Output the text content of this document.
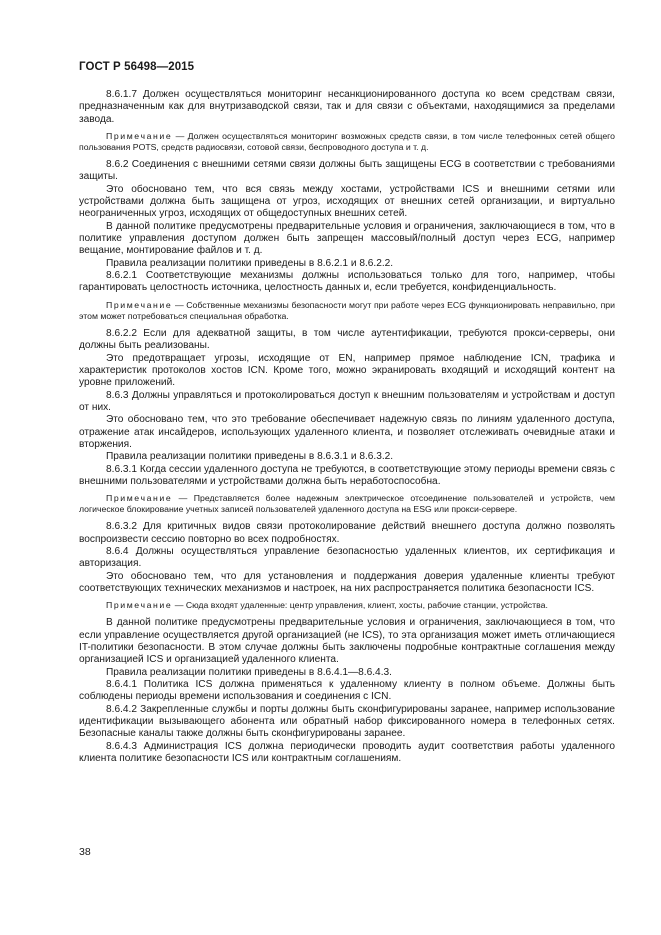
ГОСТ Р 56498—2015

8.6.1.7 Должен осуществляться мониторинг несанкционированного доступа ко всем средствам связи, предназначенным как для внутризаводской связи, так и для связи с объектами, находящимися за пределами завода.

Примечание — Должен осуществляться мониторинг возможных средств связи, в том числе телефонных сетей общего пользования POTS, средств радиосвязи, сотовой связи, беспроводного доступа и т. д.

8.6.2 Соединения с внешними сетями связи должны быть защищены ECG в соответствии с требованиями защиты.

Это обосновано тем, что вся связь между хостами, устройствами ICS и внешними сетями или устройствами должна быть защищена от угроз, исходящих от внешних сетей организации, и виртуально неограниченных угроз, исходящих от общедоступных внешних сетей.

В данной политике предусмотрены предварительные условия и ограничения, заключающиеся в том, что в политике управления доступом должен быть запрещен массовый/полный доступ через ECG, например вещание, монтирование файлов и т. д.

Правила реализации политики приведены в 8.6.2.1 и 8.6.2.2.

8.6.2.1 Соответствующие механизмы должны использоваться только для того, например, чтобы гарантировать целостность источника, целостность данных и, если требуется, конфиденциальность.

Примечание — Собственные механизмы безопасности могут при работе через ECG функционировать неправильно, при этом может потребоваться специальная обработка.

8.6.2.2 Если для адекватной защиты, в том числе аутентификации, требуются прокси-серверы, они должны быть реализованы.

Это предотвращает угрозы, исходящие от EN, например прямое наблюдение ICN, трафика и характеристик протоколов хостов ICN. Кроме того, можно экранировать входящий и исходящий контент на уровне приложений.

8.6.3 Должны управляться и протоколироваться доступ к внешним пользователям и устройствам и доступ от них.

Это обосновано тем, что это требование обеспечивает надежную связь по линиям удаленного доступа, отражение атак инсайдеров, использующих удаленного клиента, и позволяет отслеживать очевидные атаки и вторжения.

Правила реализации политики приведены в 8.6.3.1 и 8.6.3.2.

8.6.3.1 Когда сессии удаленного доступа не требуются, в соответствующие этому периоды времени связь с внешними пользователями и устройствами должна быть неработоспособна.

Примечание — Представляется более надежным электрическое отсоединение пользователей и устройств, чем логическое блокирование учетных записей пользователей удаленного доступа на ESG или прокси-сервере.

8.6.3.2 Для критичных видов связи протоколирование действий внешнего доступа должно позволять воспроизвести сессию повторно во всех подробностях.

8.6.4 Должны осуществляться управление безопасностью удаленных клиентов, их сертификация и авторизация.

Это обосновано тем, что для установления и поддержания доверия удаленные клиенты требуют соответствующих технических механизмов и настроек, на них распространяется политика безопасности ICS.

Примечание — Сюда входят удаленные: центр управления, клиент, хосты, рабочие станции, устройства.

В данной политике предусмотрены предварительные условия и ограничения, заключающиеся в том, что если управление осуществляется другой организацией (не ICS), то эта организация может иметь отличающиеся IT-политики безопасности. В этом случае должны быть заключены подробные контрактные соглашения между организацией ICS и организацией удаленного клиента.

Правила реализации политики приведены в 8.6.4.1—8.6.4.3.

8.6.4.1 Политика ICS должна применяться к удаленному клиенту в полном объеме. Должны быть соблюдены периоды времени использования и соединения с ICN.

8.6.4.2 Закрепленные службы и порты должны быть сконфигурированы заранее, например использование идентификации вызывающего абонента или обратный набор фиксированного номера в телефонных сетях. Безопасные каналы также должны быть сконфигурированы заранее.

8.6.4.3 Администрация ICS должна периодически проводить аудит соответствия работы удаленного клиента политике безопасности ICS или контрактным соглашениям.

38
